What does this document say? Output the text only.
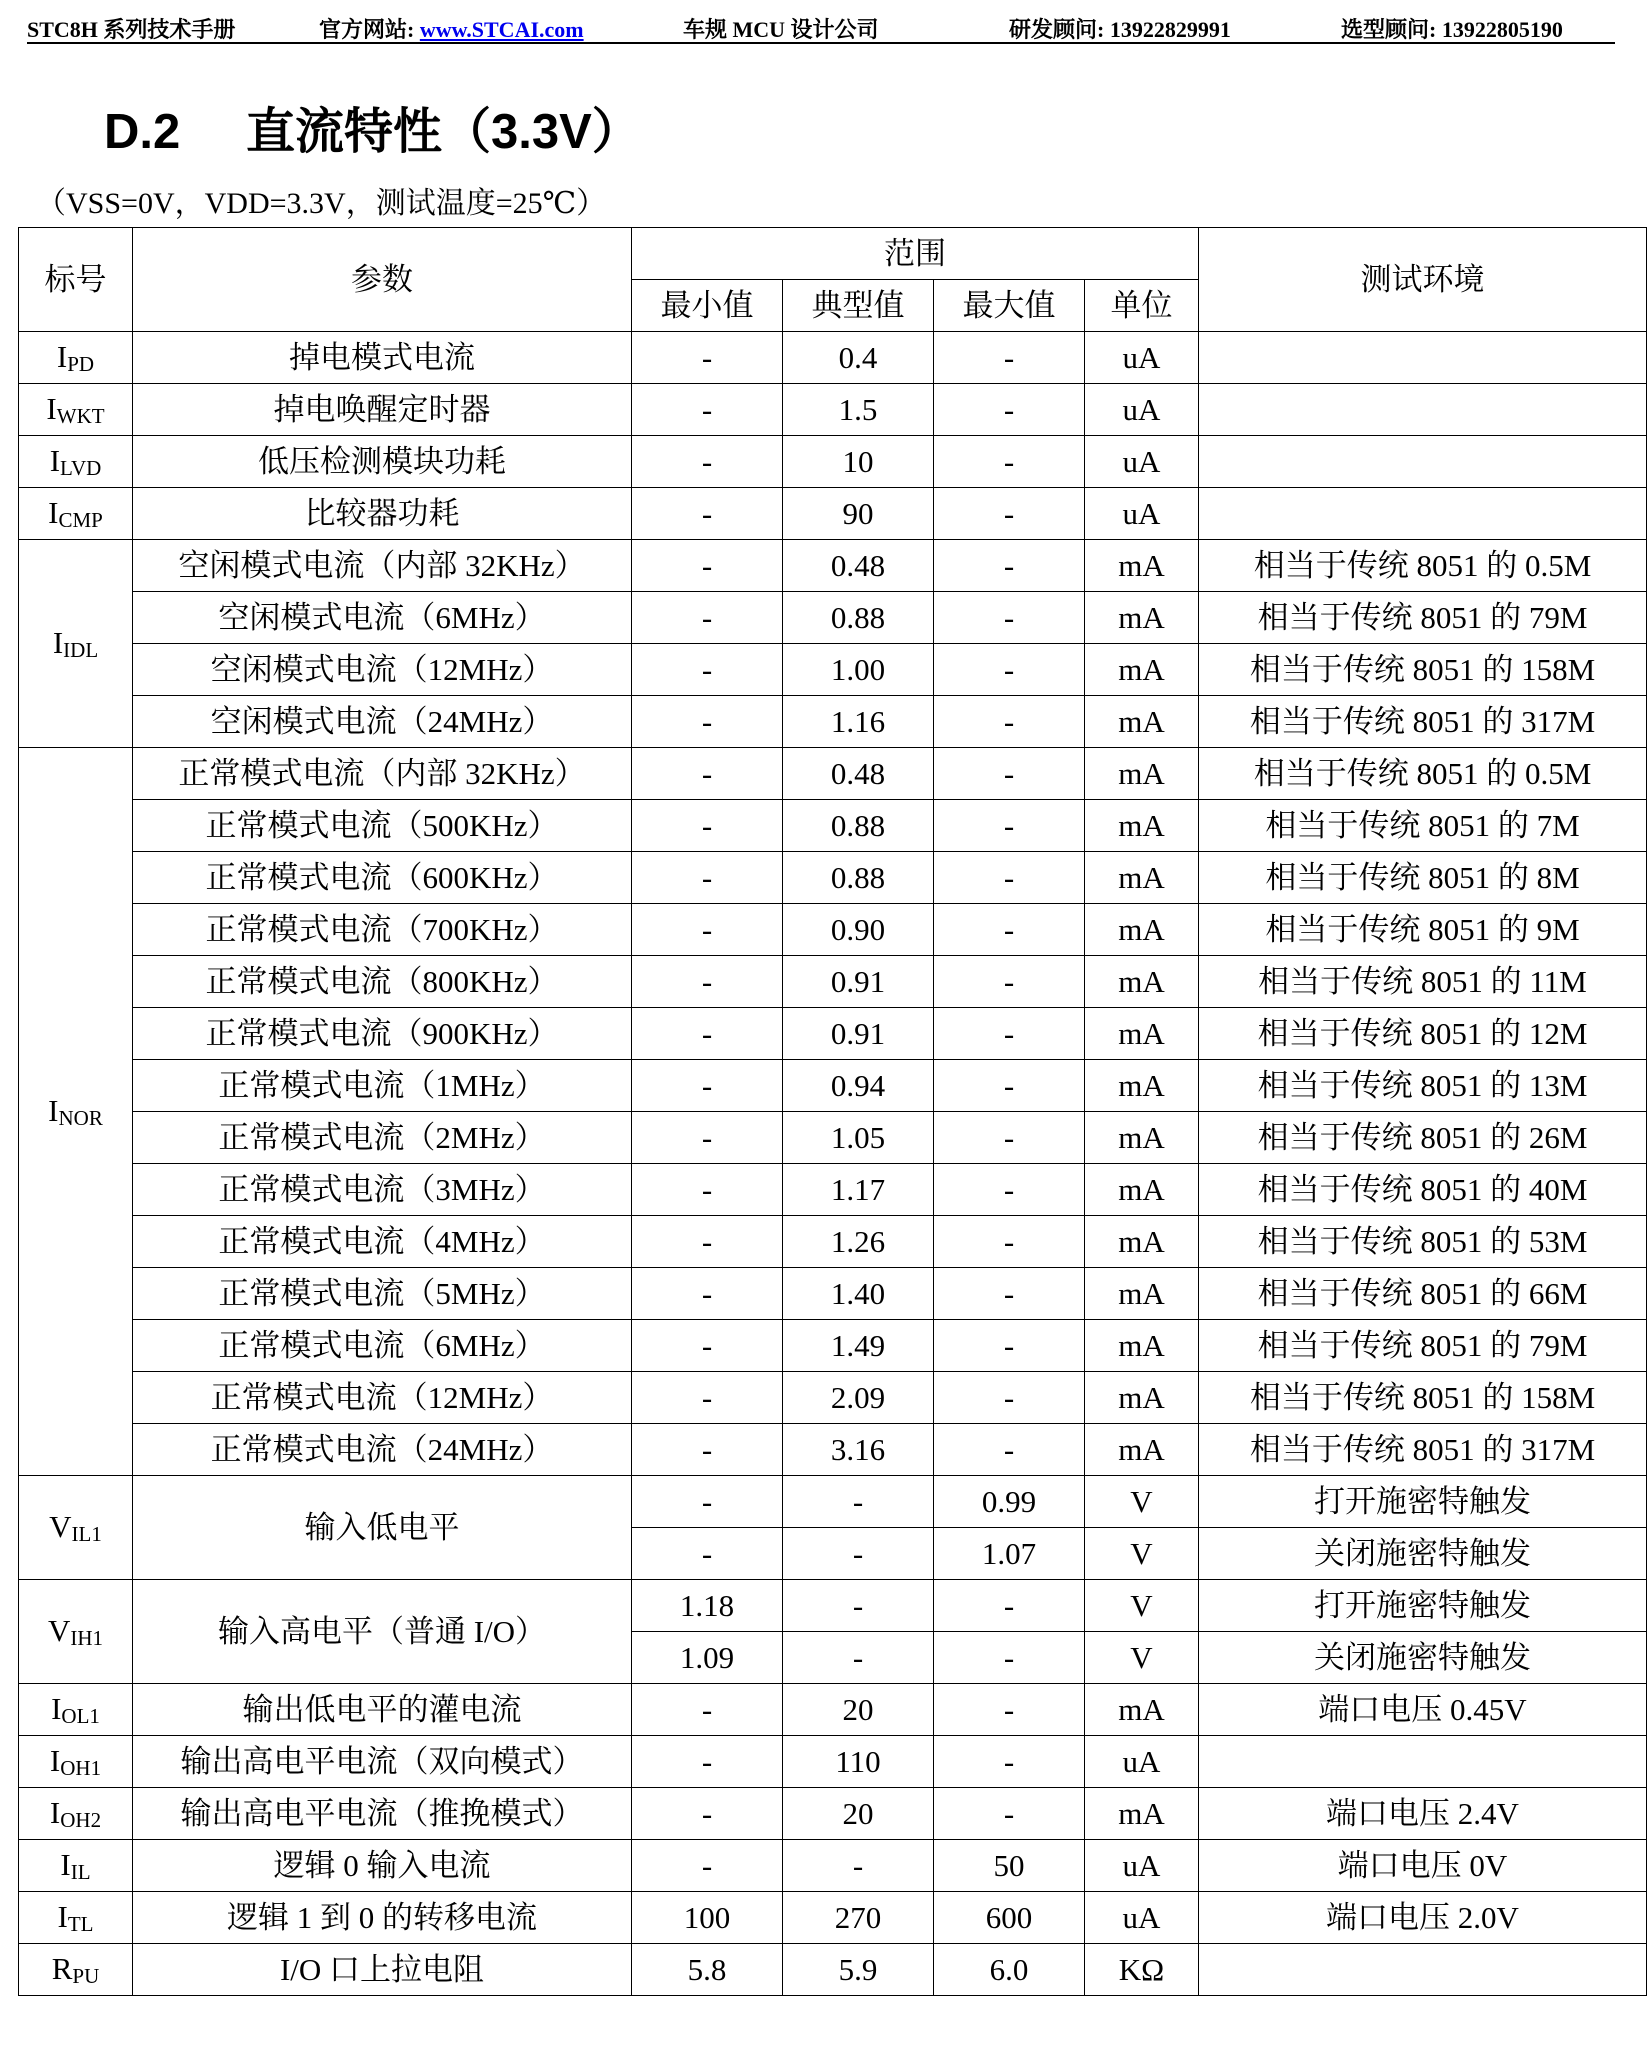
STC8H 系列技术手册	官方网站: www.STCAI.com	车规 MCU 设计公司	研发顾问: 13922829991	选型顾问: 13922805190
D.2 直流特性（3.3V）
（VSS=0V，VDD=3.3V，测试温度=25℃）
标号	参数	范围				测试环境
		最小值	典型值	最大值	单位	
$I_{PD}$	掉电模式电流	-	0.4	-	uA	
$I_{WKT}$	掉电唤醒定时器	-	1.5	-	uA	
$I_{LVD}$	低压检测模块功耗	-	10	-	uA	
$I_{CMP}$	比较器功耗	-	90	-	uA	
$I_{IDL}$	空闲模式电流（内部 32KHz）	-	0.48	-	mA	相当于传统 8051 的 0.5M
	空闲模式电流（6MHz）	-	0.88	-	mA	相当于传统 8051 的 79M
	空闲模式电流（12MHz）	-	1.00	-	mA	相当于传统 8051 的 158M
	空闲模式电流（24MHz）	-	1.16	-	mA	相当于传统 8051 的 317M
$I_{NOR}$	正常模式电流（内部 32KHz）	-	0.48	-	mA	相当于传统 8051 的 0.5M
	正常模式电流（500KHz）	-	0.88	-	mA	相当于传统 8051 的 7M
	正常模式电流（600KHz）	-	0.88	-	mA	相当于传统 8051 的 8M
	正常模式电流（700KHz）	-	0.90	-	mA	相当于传统 8051 的 9M
	正常模式电流（800KHz）	-	0.91	-	mA	相当于传统 8051 的 11M
	正常模式电流（900KHz）	-	0.91	-	mA	相当于传统 8051 的 12M
	正常模式电流（1MHz）	-	0.94	-	mA	相当于传统 8051 的 13M
	正常模式电流（2MHz）	-	1.05	-	mA	相当于传统 8051 的 26M
	正常模式电流（3MHz）	-	1.17	-	mA	相当于传统 8051 的 40M
	正常模式电流（4MHz）	-	1.26	-	mA	相当于传统 8051 的 53M
	正常模式电流（5MHz）	-	1.40	-	mA	相当于传统 8051 的 66M
	正常模式电流（6MHz）	-	1.49	-	mA	相当于传统 8051 的 79M
	正常模式电流（12MHz）	-	2.09	-	mA	相当于传统 8051 的 158M
	正常模式电流（24MHz）	-	3.16	-	mA	相当于传统 8051 的 317M
$V_{IL1}$	输入低电平	-	-	0.99	V	打开施密特触发
		-	-	1.07	V	关闭施密特触发
$V_{IH1}$	输入高电平（普通 I/O）	1.18	-	-	V	打开施密特触发
		1.09	-	-	V	关闭施密特触发
$I_{OL1}$	输出低电平的灌电流	-	20	-	mA	端口电压 0.45V
$I_{OH1}$	输出高电平电流（双向模式）	-	110	-	uA	
$I_{OH2}$	输出高电平电流（推挽模式）	-	20	-	mA	端口电压 2.4V
$I_{IL}$	逻辑 0 输入电流	-	-	50	uA	端口电压 0V
$I_{TL}$	逻辑 1 到 0 的转移电流	100	270	600	uA	端口电压 2.0V
$R_{PU}$	I/O 口上拉电阻	5.8	5.9	6.0	KΩ	
